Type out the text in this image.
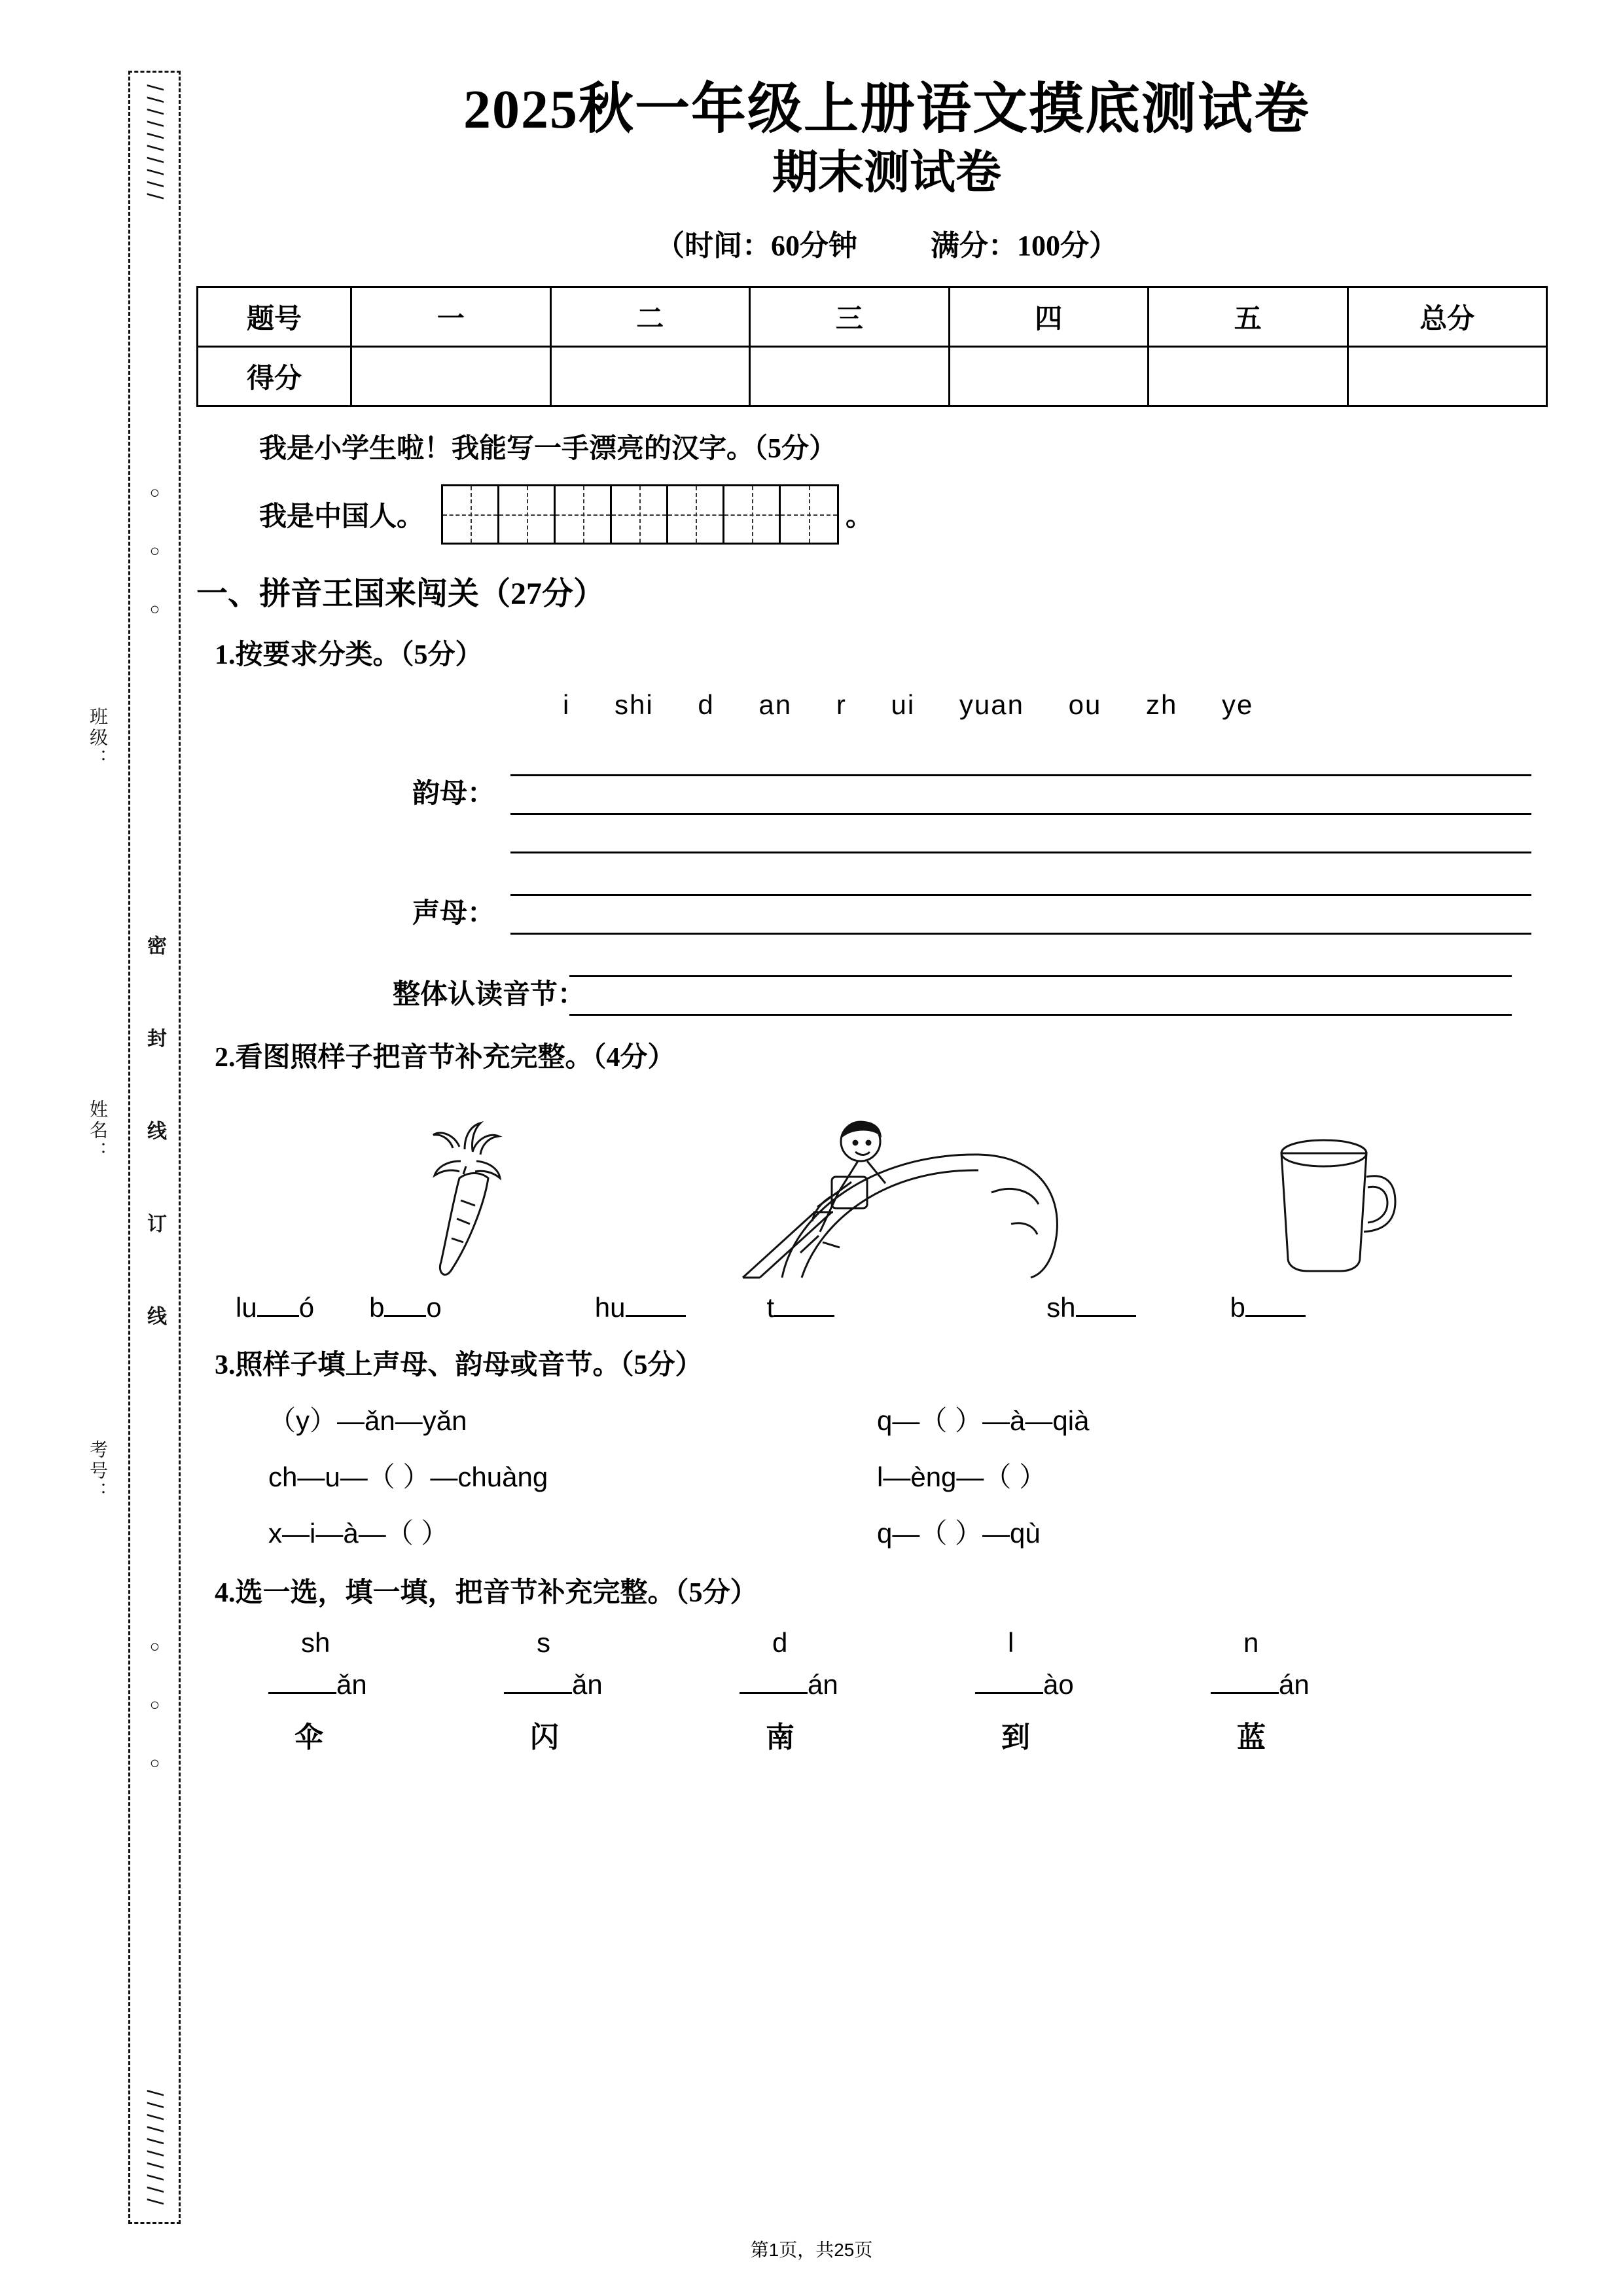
//////////
○○○
密 封 线 订 线
○○○
//////////
班级：
姓名：
考号：
2025秋一年级上册语文摸底测试卷
期末测试卷
（时间：60分钟	满分：100分）
题号	一	二	三	四	五	总分
得分						
我是小学生啦！我能写一手漂亮的汉字。（5分）
我是中国人。	。
一、拼音王国来闯关（27分）
1.按要求分类。（5分）
i shi d an r ui yuan ou zh ye
韵母：
声母：
整体认读音节：
2.看图照样子把音节补充完整。（4分）
lu ó b o	hu	t	sh	b
3.照样子填上声母、韵母或音节。（5分）
（y）—ǎn—yǎn	q—（ ）—à—qià
ch—u—（ ）—chuàng	l—èng—（ ）
x—i—à—（ ）	q—（ ）—qù
4.选一选，填一填，把音节补充完整。（5分）
sh	s	d	l	n
ǎn	ǎn	án	ào	án
伞	闪	南	到	蓝
第1页，共25页
